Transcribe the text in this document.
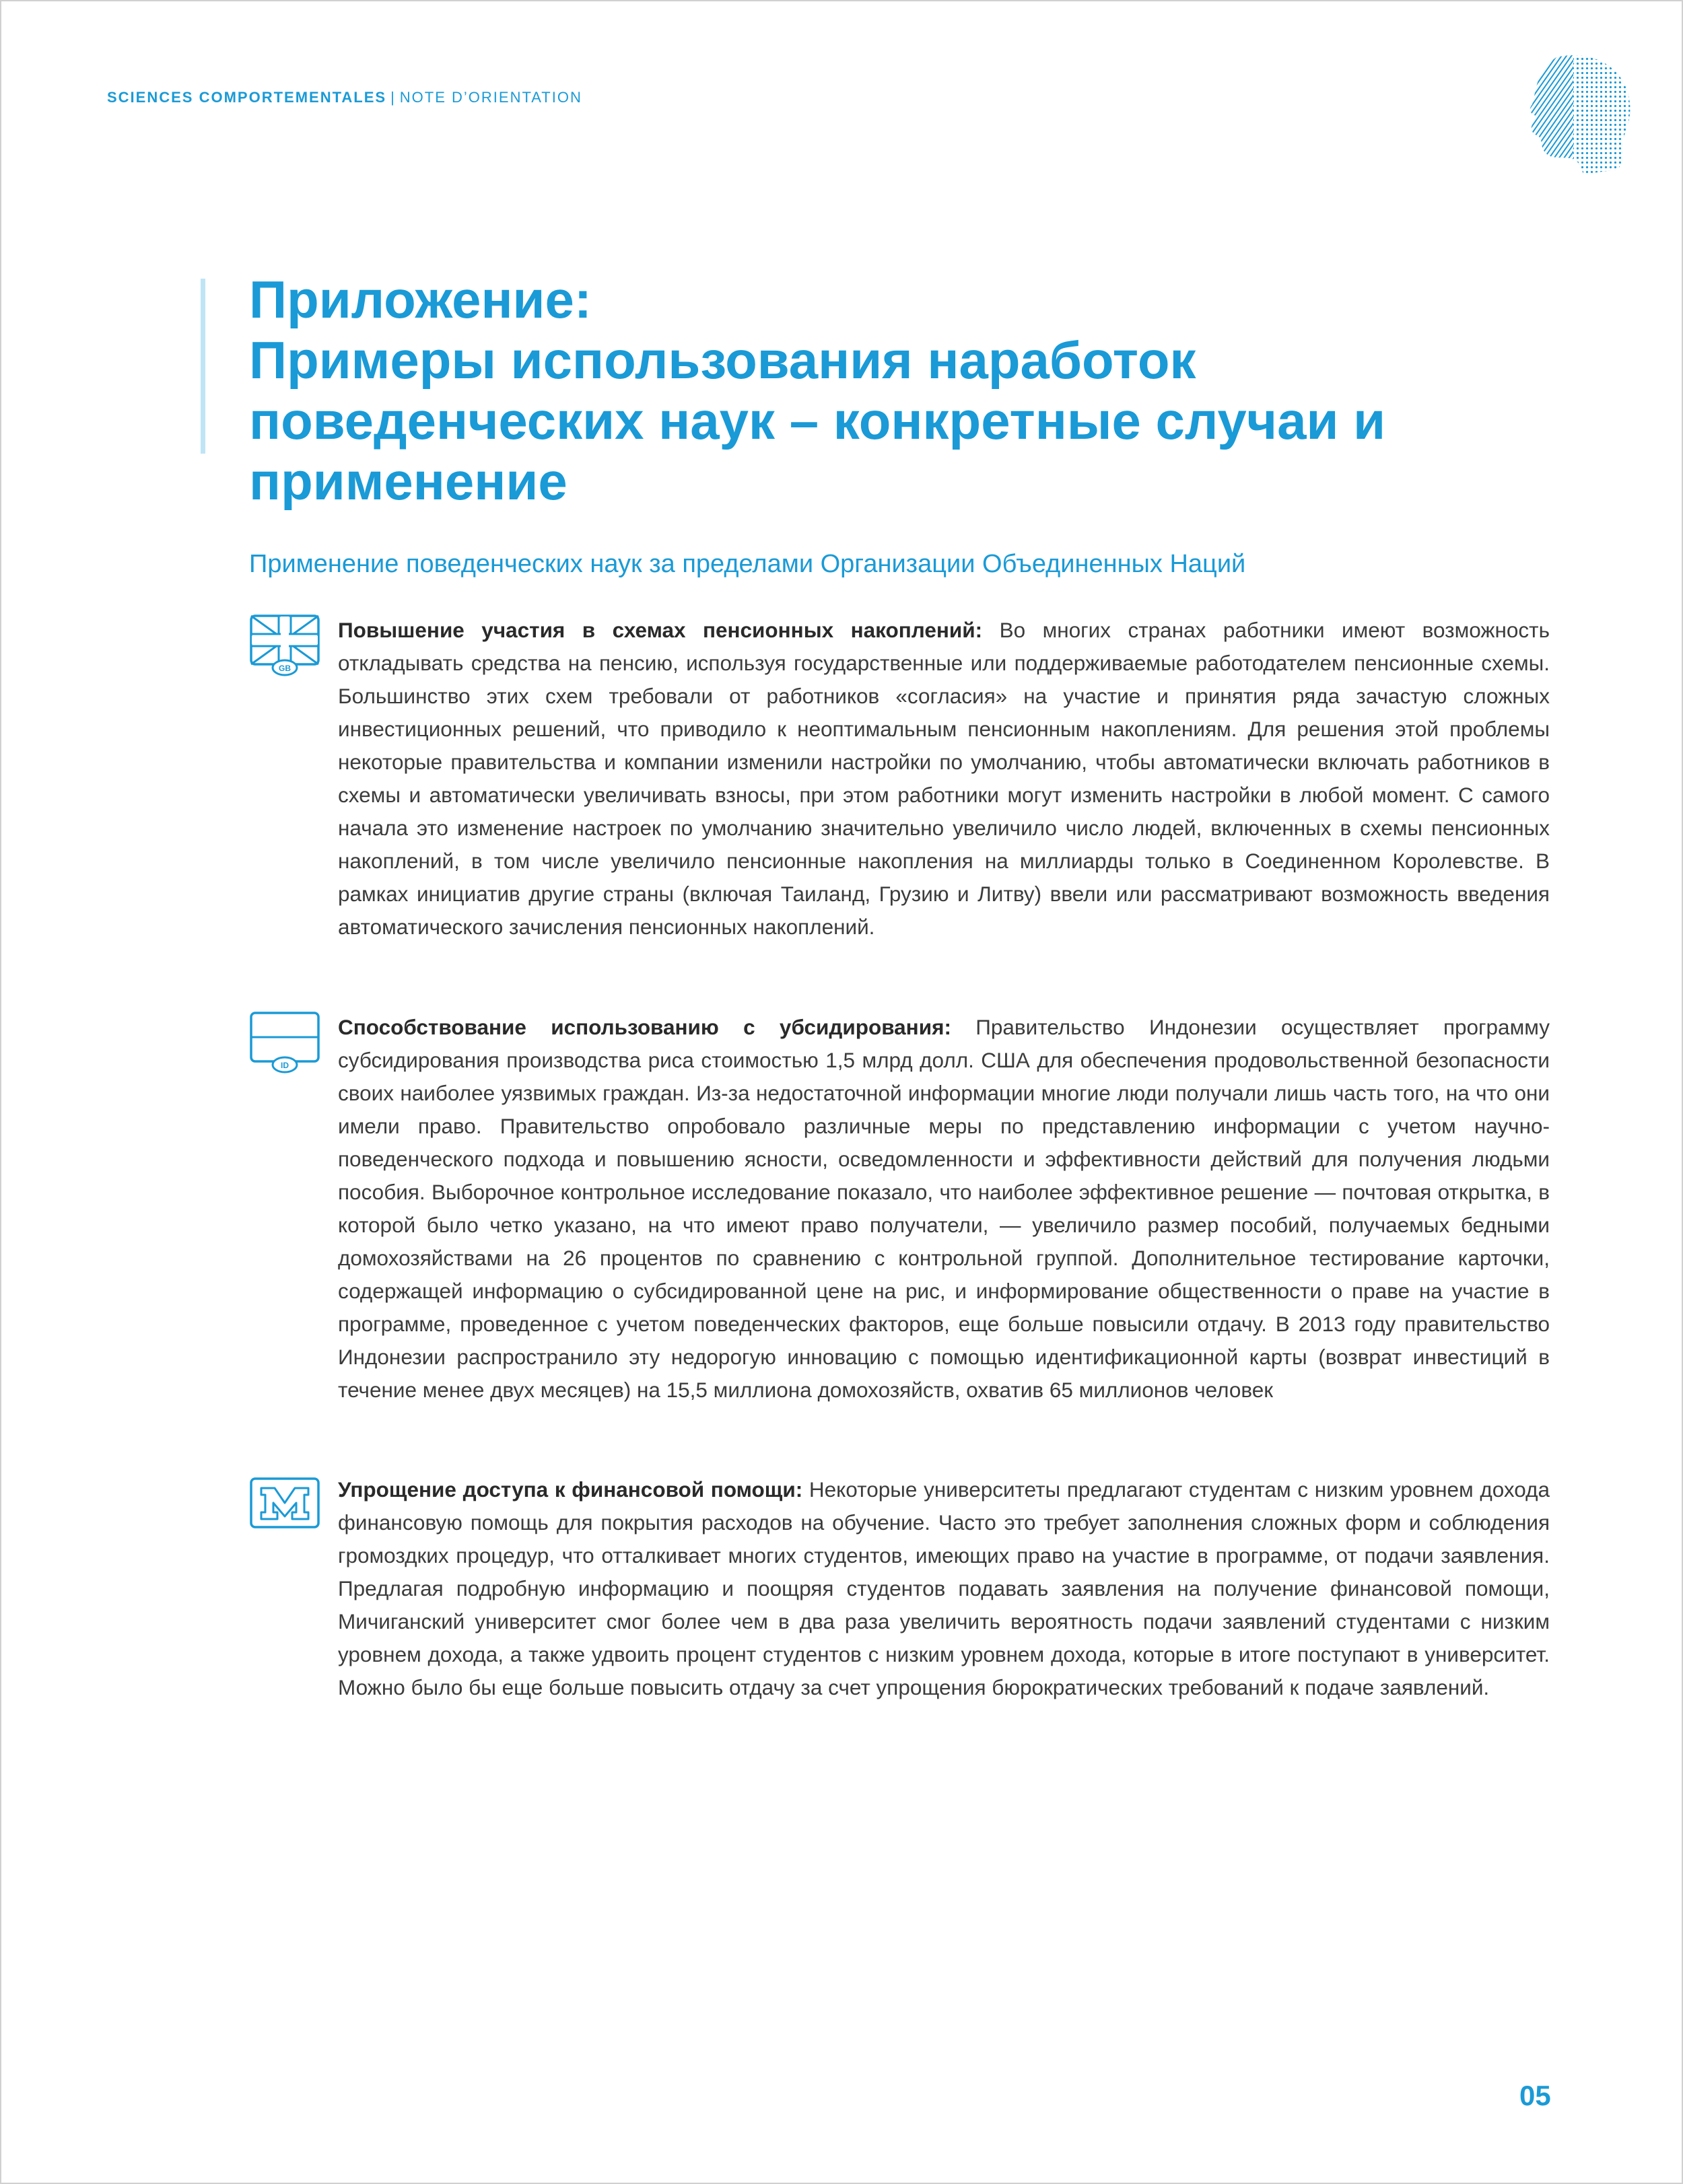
SCIENCES COMPORTEMENTALES | NOTE D’ORIENTATION
Приложение:
Примеры использования наработок
поведенческих наук – конкретные случаи и
применение
Применение поведенческих наук за пределами Организации Объединенных Наций
GB

Повышение участия в схемах пенсионных накоплений: Во многих странах работники имеют возможность откладывать средства на пенсию, используя государственные или поддерживаемые работодателем пенсионные схемы. Большинство этих схем требовали от работников «согласия» на участие и принятия ряда зачастую сложных инвестиционных решений, что приводило к неоптимальным пенсионным накоплениям. Для решения этой проблемы некоторые правительства и компании изменили настройки по умолчанию, чтобы автоматически включать работников в схемы и автоматически увеличивать взносы, при этом работники могут изменить настройки в любой момент. С самого начала это изменение настроек по умолчанию значительно увеличило число людей, включенных в схемы пенсионных накоплений, в том числе увеличило пенсионные накопления на миллиарды только в Соединенном Королевстве. В рамках инициатив другие страны (включая Таиланд, Грузию и Литву) ввели или рассматривают возможность введения автоматического зачисления пенсионных накоплений.

ID

Способствование использованию с убсидирования: Правительство Индонезии осуществляет программу субсидирования производства риса стоимостью 1,5 млрд долл. США для обеспечения продовольственной безопасности своих наиболее уязвимых граждан. Из-за недостаточной информации многие люди получали лишь часть того, на что они имели право. Правительство опробовало различные меры по представлению информации с учетом научно-поведенческого подхода и повышению ясности, осведомленности и эффективности действий для получения людьми пособия. Выборочное контрольное исследование показало, что наиболее эффективное решение — почтовая открытка, в которой было четко указано, на что имеют право получатели, — увеличило размер пособий, получаемых бедными домохозяйствами на 26 процентов по сравнению с контрольной группой. Дополнительное тестирование карточки, содержащей информацию о субсидированной цене на рис, и информирование общественности о праве на участие в программе, проведенное с учетом поведенческих факторов, еще больше повысили отдачу. В 2013 году правительство Индонезии распространило эту недорогую инновацию с помощью идентификационной карты (возврат инвестиций в течение менее двух месяцев) на 15,5 миллиона домохозяйств, охватив 65 миллионов человек

Упрощение доступа к финансовой помощи: Некоторые университеты предлагают студентам с низким уровнем дохода финансовую помощь для покрытия расходов на обучение. Часто это требует заполнения сложных форм и соблюдения громоздких процедур, что отталкивает многих студентов, имеющих право на участие в программе, от подачи заявления. Предлагая подробную информацию и поощряя студентов подавать заявления на получение финансовой помощи, Мичиганский университет смог более чем в два раза увеличить вероятность подачи заявлений студентами с низким уровнем дохода, а также удвоить процент студентов с низким уровнем дохода, которые в итоге поступают в университет. Можно было бы еще больше повысить отдачу за счет упрощения бюрократических требований к подаче заявлений.

05
